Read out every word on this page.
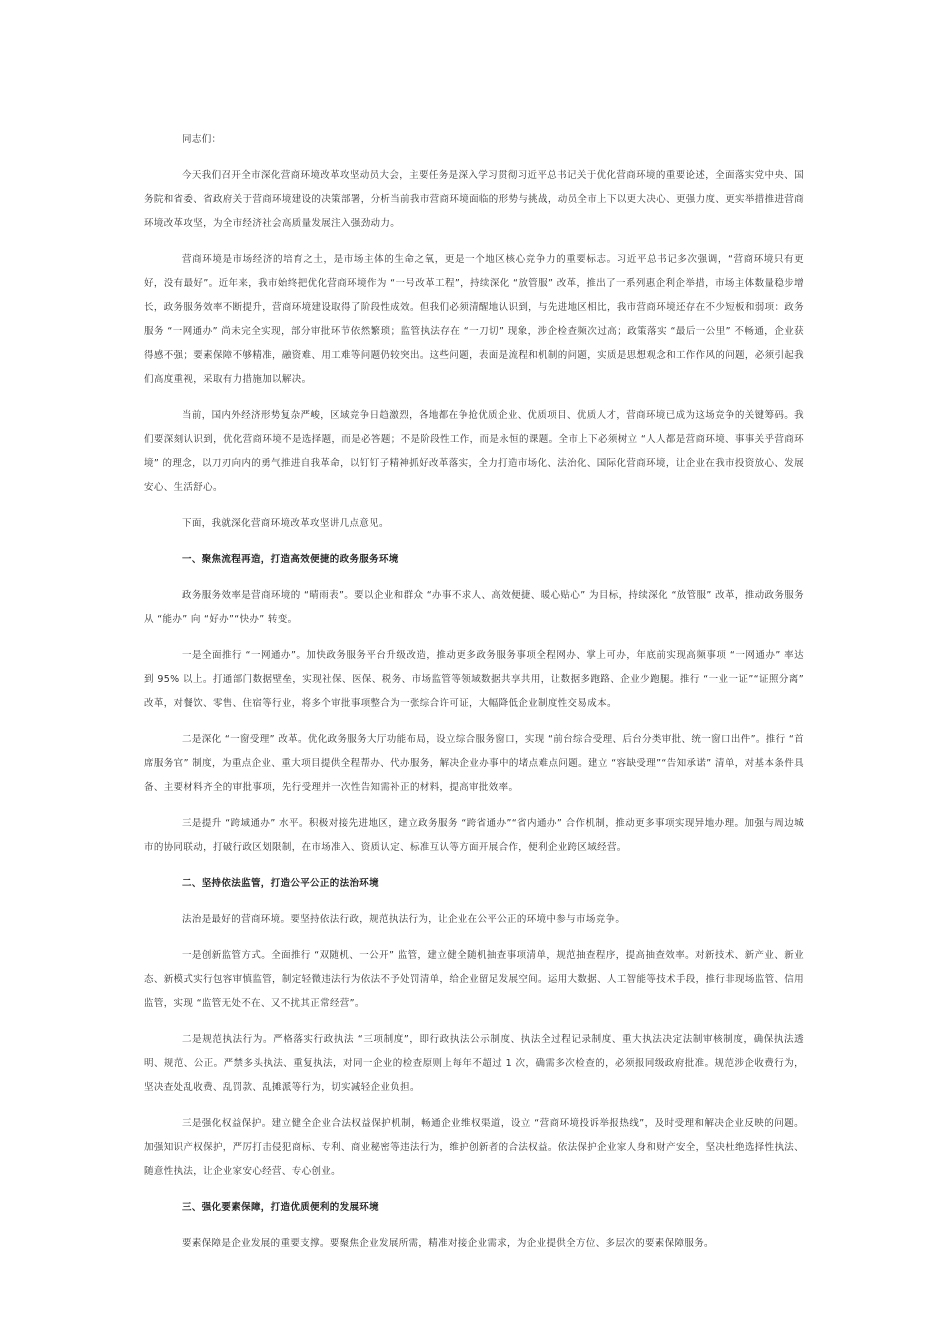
同志们：

今天我们召开全市深化营商环境改革攻坚动员大会，主要任务是深入学习贯彻习近平总书记关于优化营商环境的重要论述，全面落实党中央、国务院和省委、省政府关于营商环境建设的决策部署，分析当前我市营商环境面临的形势与挑战，动员全市上下以更大决心、更强力度、更实举措推进营商环境改革攻坚，为全市经济社会高质量发展注入强劲动力。

营商环境是市场经济的培育之土，是市场主体的生命之氧，更是一个地区核心竞争力的重要标志。习近平总书记多次强调，“营商环境只有更好，没有最好”。近年来，我市始终把优化营商环境作为 “一号改革工程”，持续深化 “放管服” 改革，推出了一系列惠企利企举措，市场主体数量稳步增长，政务服务效率不断提升，营商环境建设取得了阶段性成效。但我们必须清醒地认识到，与先进地区相比，我市营商环境还存在不少短板和弱项：政务服务 “一网通办” 尚未完全实现，部分审批环节依然繁琐；监管执法存在 “一刀切” 现象，涉企检查频次过高；政策落实 “最后一公里” 不畅通，企业获得感不强；要素保障不够精准，融资难、用工难等问题仍较突出。这些问题，表面是流程和机制的问题，实质是思想观念和工作作风的问题，必须引起我们高度重视，采取有力措施加以解决。

当前，国内外经济形势复杂严峻，区域竞争日趋激烈，各地都在争抢优质企业、优质项目、优质人才，营商环境已成为这场竞争的关键筹码。我们要深刻认识到，优化营商环境不是选择题，而是必答题；不是阶段性工作，而是永恒的课题。全市上下必须树立 “人人都是营商环境、事事关乎营商环境” 的理念，以刀刃向内的勇气推进自我革命，以钉钉子精神抓好改革落实，全力打造市场化、法治化、国际化营商环境，让企业在我市投资放心、发展安心、生活舒心。

下面，我就深化营商环境改革攻坚讲几点意见。

一、聚焦流程再造，打造高效便捷的政务服务环境

政务服务效率是营商环境的 “晴雨表”。要以企业和群众 “办事不求人、高效便捷、暖心贴心” 为目标，持续深化 “放管服” 改革，推动政务服务从 “能办” 向 “好办”“快办” 转变。

一是全面推行 “一网通办”。加快政务服务平台升级改造，推动更多政务服务事项全程网办、掌上可办，年底前实现高频事项 “一网通办” 率达到 95% 以上。打通部门数据壁垒，实现社保、医保、税务、市场监管等领域数据共享共用，让数据多跑路、企业少跑腿。推行 “一业一证”“证照分离” 改革，对餐饮、零售、住宿等行业，将多个审批事项整合为一张综合许可证，大幅降低企业制度性交易成本。

二是深化 “一窗受理” 改革。优化政务服务大厅功能布局，设立综合服务窗口，实现 “前台综合受理、后台分类审批、统一窗口出件”。推行 “首席服务官” 制度，为重点企业、重大项目提供全程帮办、代办服务，解决企业办事中的堵点难点问题。建立 “容缺受理”“告知承诺” 清单，对基本条件具备、主要材料齐全的审批事项，先行受理并一次性告知需补正的材料，提高审批效率。

三是提升 “跨域通办” 水平。积极对接先进地区，建立政务服务 “跨省通办”“省内通办” 合作机制，推动更多事项实现异地办理。加强与周边城市的协同联动，打破行政区划限制，在市场准入、资质认定、标准互认等方面开展合作，便利企业跨区域经营。

二、坚持依法监管，打造公平公正的法治环境

法治是最好的营商环境。要坚持依法行政，规范执法行为，让企业在公平公正的环境中参与市场竞争。

一是创新监管方式。全面推行 “双随机、一公开” 监管，建立健全随机抽查事项清单，规范抽查程序，提高抽查效率。对新技术、新产业、新业态、新模式实行包容审慎监管，制定轻微违法行为依法不予处罚清单，给企业留足发展空间。运用大数据、人工智能等技术手段，推行非现场监管、信用监管，实现 “监管无处不在、又不扰其正常经营”。

二是规范执法行为。严格落实行政执法 “三项制度”，即行政执法公示制度、执法全过程记录制度、重大执法决定法制审核制度，确保执法透明、规范、公正。严禁多头执法、重复执法，对同一企业的检查原则上每年不超过 1 次，确需多次检查的，必须报同级政府批准。规范涉企收费行为，坚决查处乱收费、乱罚款、乱摊派等行为，切实减轻企业负担。

三是强化权益保护。建立健全企业合法权益保护机制，畅通企业维权渠道，设立 “营商环境投诉举报热线”，及时受理和解决企业反映的问题。加强知识产权保护，严厉打击侵犯商标、专利、商业秘密等违法行为，维护创新者的合法权益。依法保护企业家人身和财产安全，坚决杜绝选择性执法、随意性执法，让企业家安心经营、专心创业。

三、强化要素保障，打造优质便利的发展环境

要素保障是企业发展的重要支撑。要聚焦企业发展所需，精准对接企业需求，为企业提供全方位、多层次的要素保障服务。
